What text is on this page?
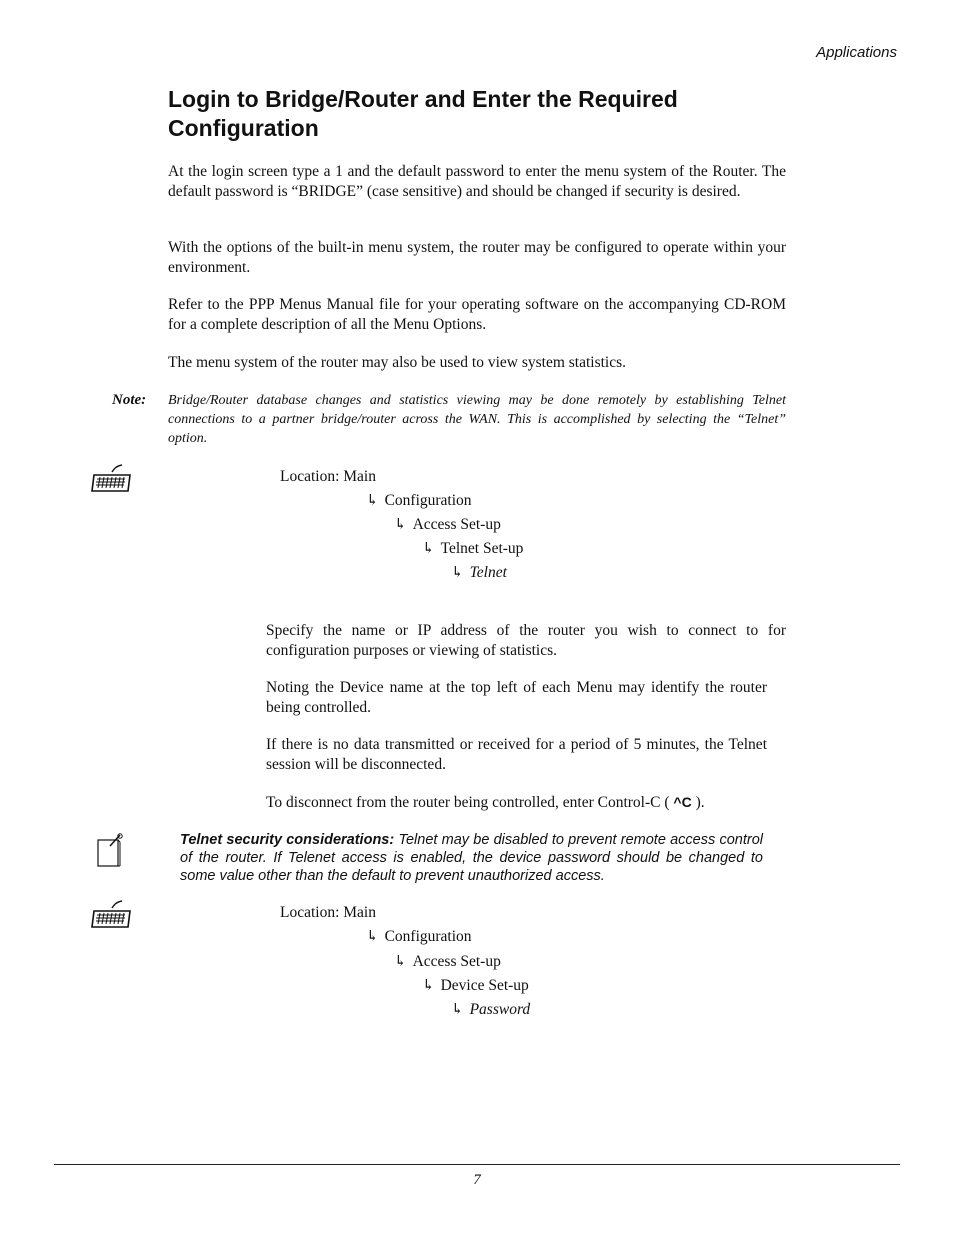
Applications
Login to Bridge/Router and Enter the Required Configuration

At the login screen type a 1 and the default password to enter the menu system of the Router. The default password is “BRIDGE” (case sensitive) and should be changed if security is desired.

With the options of the built-in menu system, the router may be configured to operate within your environment.

Refer to the PPP Menus Manual file for your operating software on the accompanying CD-ROM for a complete description of all the Menu Options.

The menu system of the router may also be used to view system statistics.

Note: Bridge/Router database changes and statistics viewing may be done remotely by establishing Telnet connections to a partner bridge/router across the WAN. This is accomplished by selecting the “Telnet” option.

Location: Main
↳ Configuration
↳ Access Set-up
↳ Telnet Set-up
↳ Telnet

Specify the name or IP address of the router you wish to connect to for configuration purposes or viewing of statistics.

Noting the Device name at the top left of each Menu may identify the router being controlled.

If there is no data transmitted or received for a period of 5 minutes, the Telnet session will be disconnected.

To disconnect from the router being controlled, enter Control-C ( ^C ).

Telnet security considerations: Telnet may be disabled to prevent remote access control of the router. If Telenet access is enabled, the device password should be changed to some value other than the default to prevent unauthorized access.

Location: Main
↳ Configuration
↳ Access Set-up
↳ Device Set-up
↳ Password
7
